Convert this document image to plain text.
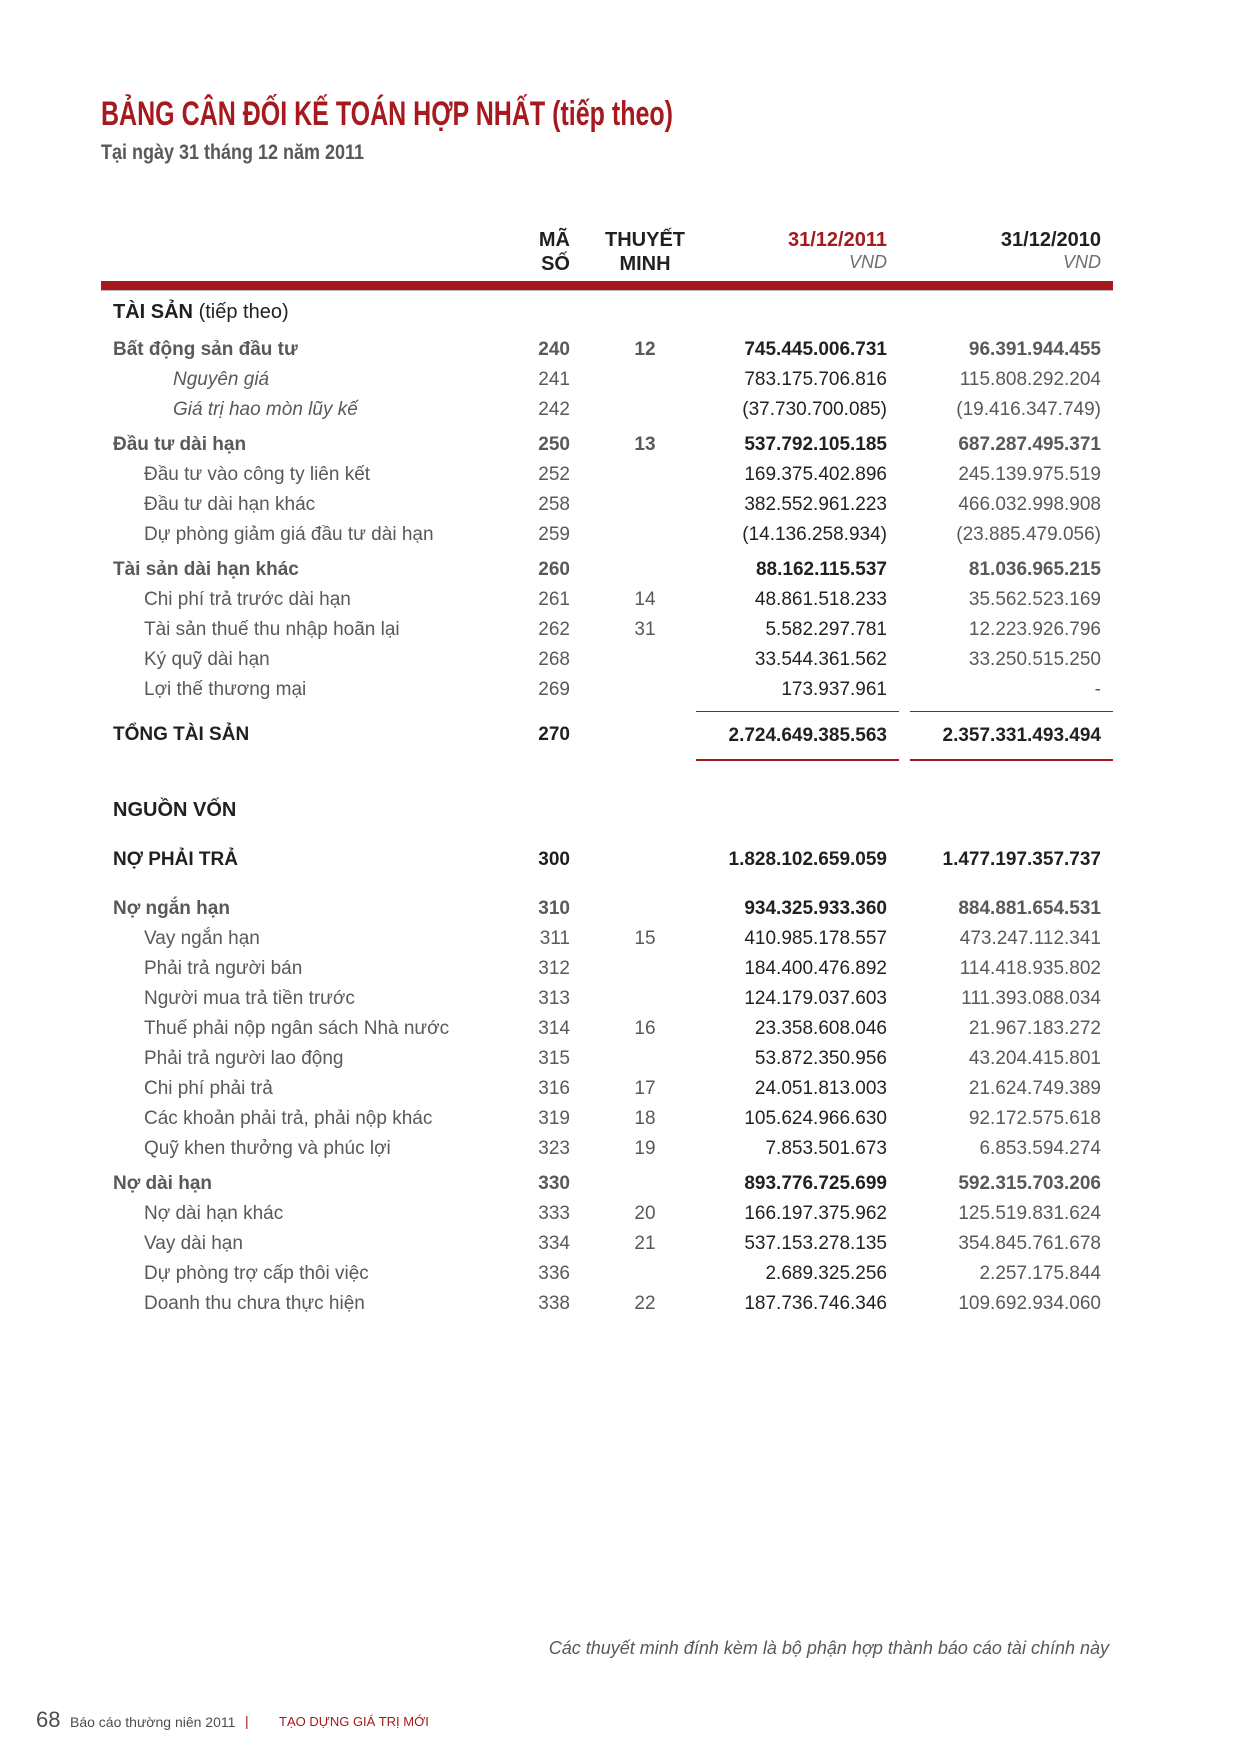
BẢNG CÂN ĐỐI KẾ TOÁN HỢP NHẤT (tiếp theo)
Tại ngày 31 tháng 12 năm 2011
MÃ
SỐ
THUYẾT
MINH
31/12/2011
VND
31/12/2010
VND
TÀI SẢN (tiếp theo)
Bất động sản đầu tư	240	12	745.445.006.731	96.391.944.455
Nguyên giá	241	783.175.706.816	115.808.292.204
Giá trị hao mòn lũy kế	242	(37.730.700.085)	(19.416.347.749)
Đầu tư dài hạn	250	13	537.792.105.185	687.287.495.371
Đầu tư vào công ty liên kết	252	169.375.402.896	245.139.975.519
Đầu tư dài hạn khác	258	382.552.961.223	466.032.998.908
Dự phòng giảm giá đầu tư dài hạn	259	(14.136.258.934)	(23.885.479.056)
Tài sản dài hạn khác	260	88.162.115.537	81.036.965.215
Chi phí trả trước dài hạn	261	14	48.861.518.233	35.562.523.169
Tài sản thuế thu nhập hoãn lại	262	31	5.582.297.781	12.223.926.796
Ký quỹ dài hạn	268	33.544.361.562	33.250.515.250
Lợi thế thương mại	269	173.937.961	-
TỔNG TÀI SẢN	270	2.724.649.385.563	2.357.331.493.494
NGUỒN VỐN
NỢ PHẢI TRẢ	300	1.828.102.659.059	1.477.197.357.737
Nợ ngắn hạn	310	934.325.933.360	884.881.654.531
Vay ngắn hạn	311	15	410.985.178.557	473.247.112.341
Phải trả người bán	312	184.400.476.892	114.418.935.802
Người mua trả tiền trước	313	124.179.037.603	111.393.088.034
Thuế phải nộp ngân sách Nhà nước	314	16	23.358.608.046	21.967.183.272
Phải trả người lao động	315	53.872.350.956	43.204.415.801
Chi phí phải trả	316	17	24.051.813.003	21.624.749.389
Các khoản phải trả, phải nộp khác	319	18	105.624.966.630	92.172.575.618
Quỹ khen thưởng và phúc lợi	323	19	7.853.501.673	6.853.594.274
Nợ dài hạn	330	893.776.725.699	592.315.703.206
Nợ dài hạn khác	333	20	166.197.375.962	125.519.831.624
Vay dài hạn	334	21	537.153.278.135	354.845.761.678
Dự phòng trợ cấp thôi việc	336	2.689.325.256	2.257.175.844
Doanh thu chưa thực hiện	338	22	187.736.746.346	109.692.934.060
Các thuyết minh đính kèm là bộ phận hợp thành báo cáo tài chính này
68 Báo cáo thường niên 2011 | TẠO DỰNG GIÁ TRỊ MỚI
